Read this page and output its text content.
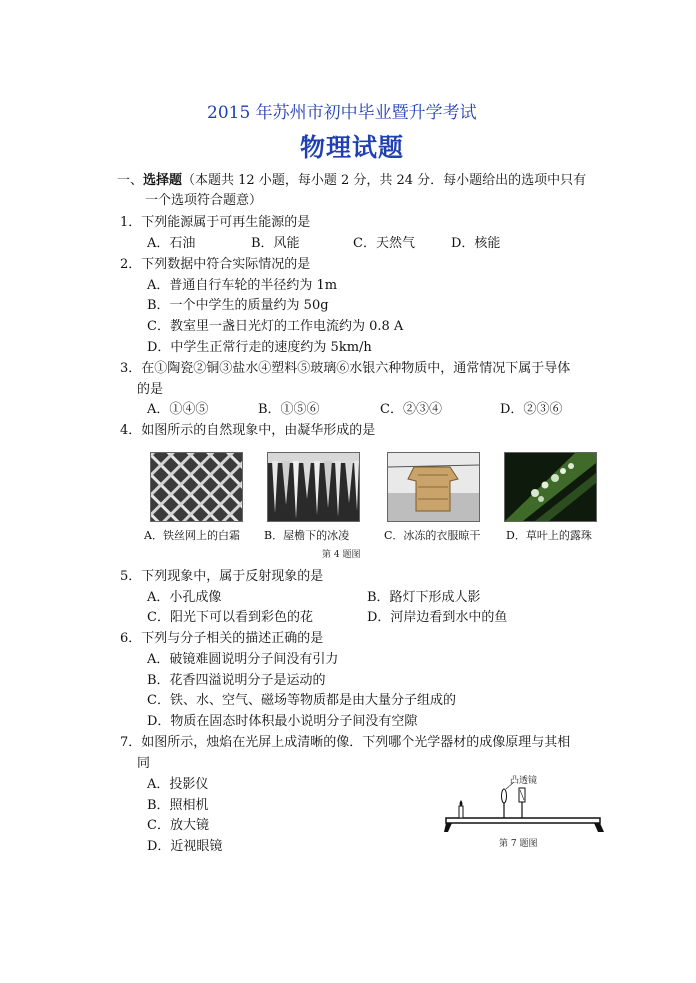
2015 年苏州市初中毕业暨升学考试
物理试题
一、选择题（本题共 12 小题，每小题 2 分，共 24 分．每小题给出的选项中只有
一个选项符合题意）
1．下列能源属于可再生能源的是
A．石油	B．风能	C．天然气	D．核能
2．下列数据中符合实际情况的是
A．普通自行车轮的半径约为 1m
B．一个中学生的质量约为 50g
C．教室里一盏日光灯的工作电流约为 0.8 A
D．中学生正常行走的速度约为 5km/h
3．在①陶瓷②铜③盐水④塑料⑤玻璃⑥水银六种物质中，通常情况下属于导体
的是
A．①④⑤	B．①⑤⑥	C．②③④	D．②③⑥
4．如图所示的自然现象中，由凝华形成的是
A．铁丝网上的白霜 B．屋檐下的冰凌	C．冰冻的衣服晾干 D．草叶上的露珠
第 4 题图
5．下列现象中，属于反射现象的是
A．小孔成像	B．路灯下形成人影
C．阳光下可以看到彩色的花	D．河岸边看到水中的鱼
6．下列与分子相关的描述正确的是
A．破镜难圆说明分子间没有引力
B．花香四溢说明分子是运动的
C．铁、水、空气、磁场等物质都是由大量分子组成的
D．物质在固态时体积最小说明分子间没有空隙
7．如图所示，烛焰在光屏上成清晰的像．下列哪个光学器材的成像原理与其相
同
A．投影仪
B．照相机
C．放大镜
D．近视眼镜
凸透镜
第 7 题图
